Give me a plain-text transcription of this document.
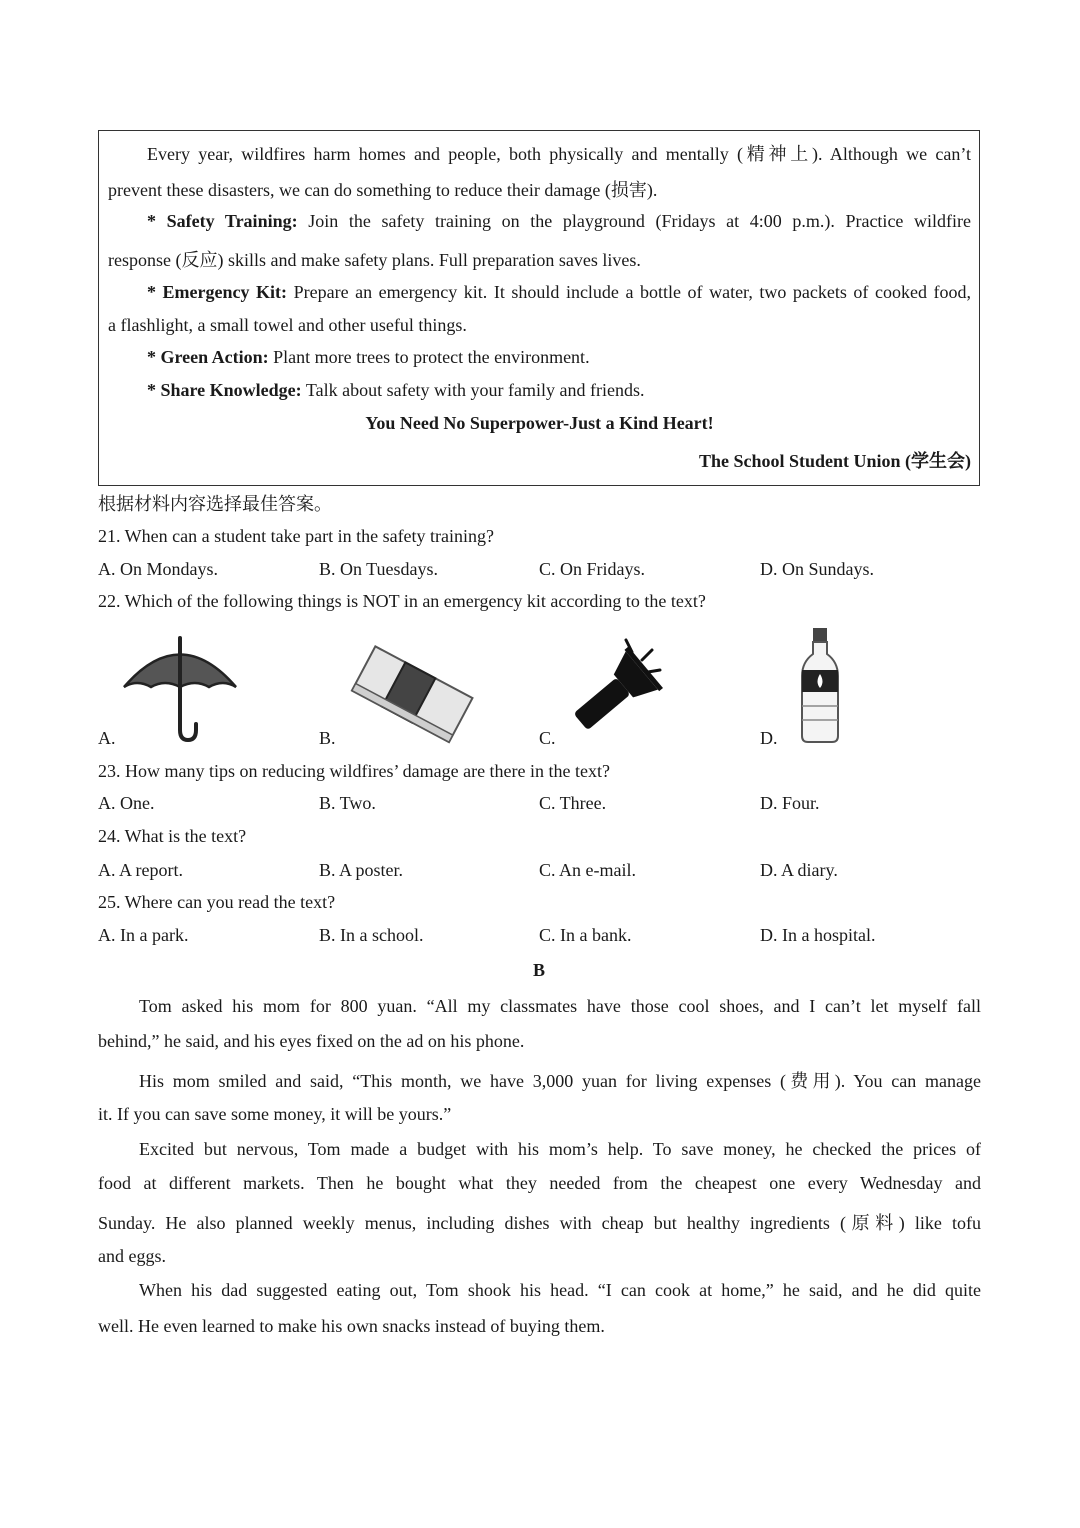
Every year, wildfires harm homes and people, both physically and mentally (精神上). Although we can’t
prevent these disasters, we can do something to reduce their damage (损害).
* Safety Training: Join the safety training on the playground (Fridays at 4:00 p.m.). Practice wildfire
response (反应) skills and make safety plans. Full preparation saves lives.
* Emergency Kit: Prepare an emergency kit. It should include a bottle of water, two packets of cooked food,
a flashlight, a small towel and other useful things.
* Green Action: Plant more trees to protect the environment.
* Share Knowledge: Talk about safety with your family and friends.
You Need No Superpower-Just a Kind Heart!
The School Student Union (学生会)
根据材料内容选择最佳答案。
21. When can a student take part in the safety training?
A. On Mondays.	B. On Tuesdays.	C. On Fridays.	D. On Sundays.
22. Which of the following things is NOT in an emergency kit according to the text?
A.	B.	C.	D.
23. How many tips on reducing wildfires’ damage are there in the text?
A. One.	B. Two.	C. Three.	D. Four.
24. What is the text?
A. A report.	B. A poster.	C. An e-mail.	D. A diary.
25. Where can you read the text?
A. In a park.	B. In a school.	C. In a bank.	D. In a hospital.
B
Tom asked his mom for 800 yuan. “All my classmates have those cool shoes, and I can’t let myself fall
behind,” he said, and his eyes fixed on the ad on his phone.
His mom smiled and said, “This month, we have 3,000 yuan for living expenses (费用). You can manage
it. If you can save some money, it will be yours.”
Excited but nervous, Tom made a budget with his mom’s help. To save money, he checked the prices of
food at different markets. Then he bought what they needed from the cheapest one every Wednesday and
Sunday. He also planned weekly menus, including dishes with cheap but healthy ingredients (原料) like tofu
and eggs.
When his dad suggested eating out, Tom shook his head. “I can cook at home,” he said, and he did quite
well. He even learned to make his own snacks instead of buying them.
